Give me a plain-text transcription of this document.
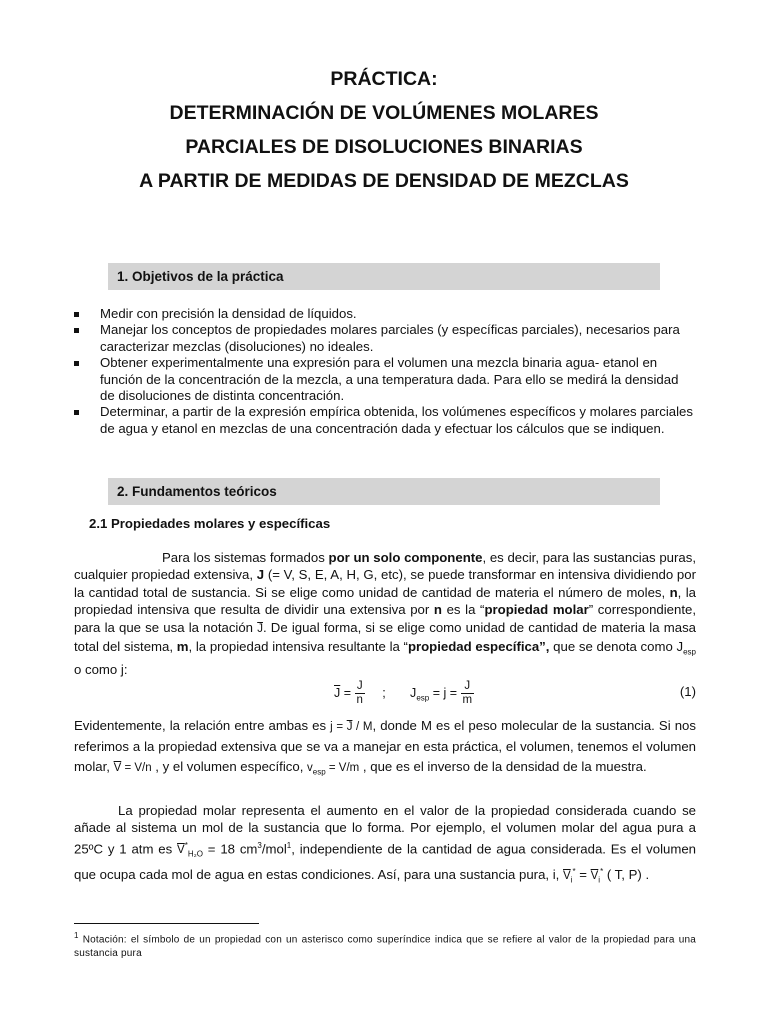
PRÁCTICA:
DETERMINACIÓN DE VOLÚMENES MOLARES
PARCIALES DE DISOLUCIONES BINARIAS
A PARTIR DE MEDIDAS DE DENSIDAD DE MEZCLAS
1. Objetivos de la práctica
Medir con precisión la densidad de líquidos.
Manejar los conceptos de propiedades molares parciales (y específicas parciales), necesarios para caracterizar mezclas (disoluciones) no ideales.
Obtener experimentalmente una expresión para el volumen una mezcla binaria agua- etanol en función de la concentración de la mezcla, a una temperatura dada. Para ello se medirá la densidad de disoluciones de distinta concentración.
Determinar, a partir de la expresión empírica obtenida, los volúmenes específicos y molares parciales de agua y etanol en mezclas de una concentración dada y efectuar los cálculos que se indiquen.
2. Fundamentos teóricos
2.1 Propiedades molares y específicas
Para los sistemas formados por un solo componente, es decir, para las sustancias puras, cualquier propiedad extensiva, J (= V, S, E, A, H, G, etc), se puede transformar en intensiva dividiendo por la cantidad total de sustancia. Si se elige como unidad de cantidad de materia el número de moles, n, la propiedad intensiva que resulta de dividir una extensiva por n es la “propiedad molar” correspondiente, para la que se usa la notación $\overline{J}$. De igual forma, si se elige como unidad de cantidad de materia la masa total del sistema, m, la propiedad intensiva resultante la “propiedad específica”, que se denota como $J_{esp}$ o como j:
$\overline{J} = \frac{J}{n}$ ;       $J_{esp} = j = \frac{J}{m}$	(1)
Evidentemente, la relación entre ambas es $j = \overline{J} / M$, donde M es el peso molecular de la sustancia. Si nos referimos a la propiedad extensiva que se va a manejar en esta práctica, el volumen, tenemos el volumen molar, $\overline{V} = V/n$ , y el volumen específico, $v_{esp} = V/m$ , que es el inverso de la densidad de la muestra.
La propiedad molar representa el aumento en el valor de la propiedad considerada cuando se añade al sistema un mol de la sustancia que lo forma. Por ejemplo, el volumen molar del agua pura a 25ºC y 1 atm es $\overline{V}^*_{H_2O} = 18$ $cm^3/mol^1$, independiente de la cantidad de agua considerada. Es el volumen que ocupa cada mol de agua en estas condiciones. Así, para una sustancia pura, i, $\overline{V}_i^* = \overline{V}_i^*$ ( T, P) .
$^1$ Notación: el símbolo de un propiedad con un asterisco como superíndice indica que se refiere al valor de la propiedad para una sustancia pura
